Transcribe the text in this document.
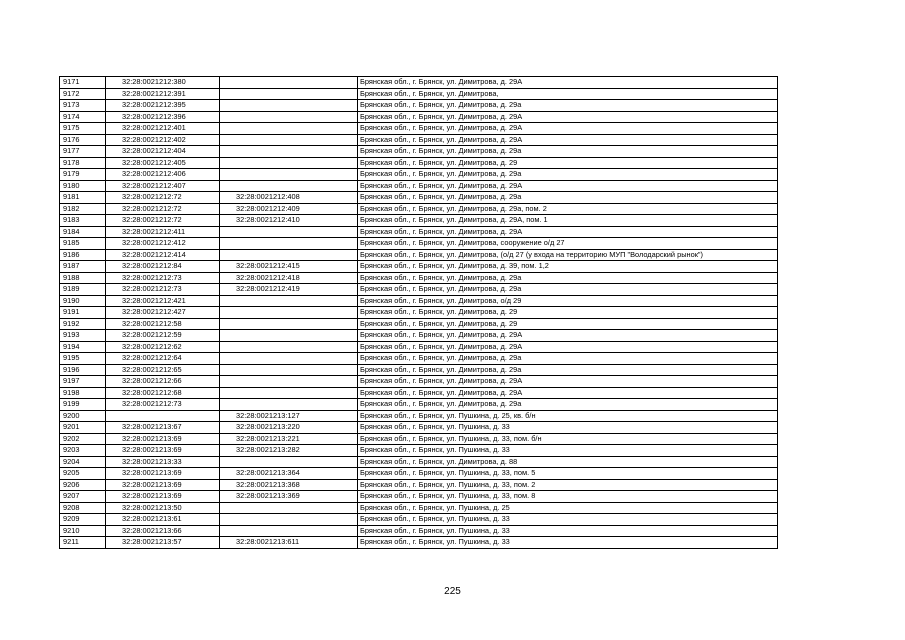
9171	32:28:0021212:380		Брянская обл., г. Брянск, ул. Димитрова, д. 29А
9172	32:28:0021212:391		Брянская обл., г. Брянск, ул. Димитрова,
9173	32:28:0021212:395		Брянская обл., г. Брянск, ул. Димитрова, д. 29а
9174	32:28:0021212:396		Брянская обл., г. Брянск, ул. Димитрова, д. 29А
9175	32:28:0021212:401		Брянская обл., г. Брянск, ул. Димитрова, д. 29А
9176	32:28:0021212:402		Брянская обл., г. Брянск, ул. Димитрова, д. 29А
9177	32:28:0021212:404		Брянская обл., г. Брянск, ул. Димитрова, д. 29а
9178	32:28:0021212:405		Брянская обл., г. Брянск, ул. Димитрова, д. 29
9179	32:28:0021212:406		Брянская обл., г. Брянск, ул. Димитрова, д. 29а
9180	32:28:0021212:407		Брянская обл., г. Брянск, ул. Димитрова, д. 29А
9181	32:28:0021212:72	32:28:0021212:408	Брянская обл., г. Брянск, ул. Димитрова, д. 29а
9182	32:28:0021212:72	32:28:0021212:409	Брянская обл., г. Брянск, ул. Димитрова, д. 29а, пом. 2
9183	32:28:0021212:72	32:28:0021212:410	Брянская обл., г. Брянск, ул. Димитрова, д. 29А, пом. 1
9184	32:28:0021212:411		Брянская обл., г. Брянск, ул. Димитрова, д. 29А
9185	32:28:0021212:412		Брянская обл., г. Брянск, ул. Димитрова, сооружение о/д 27
9186	32:28:0021212:414		Брянская обл., г. Брянск, ул. Димитрова, (о/д 27 (у входа на территорию МУП "Володарский рынок")
9187	32:28:0021212:84	32:28:0021212:415	Брянская обл., г. Брянск, ул. Димитрова, д. 39, пом. 1,2
9188	32:28:0021212:73	32:28:0021212:418	Брянская обл., г. Брянск, ул. Димитрова, д. 29а
9189	32:28:0021212:73	32:28:0021212:419	Брянская обл., г. Брянск, ул. Димитрова, д. 29а
9190	32:28:0021212:421		Брянская обл., г. Брянск, ул. Димитрова, о/д 29
9191	32:28:0021212:427		Брянская обл., г. Брянск, ул. Димитрова, д. 29
9192	32:28:0021212:58		Брянская обл., г. Брянск, ул. Димитрова, д. 29
9193	32:28:0021212:59		Брянская обл., г. Брянск, ул. Димитрова, д. 29А
9194	32:28:0021212:62		Брянская обл., г. Брянск, ул. Димитрова, д. 29А
9195	32:28:0021212:64		Брянская обл., г. Брянск, ул. Димитрова, д. 29а
9196	32:28:0021212:65		Брянская обл., г. Брянск, ул. Димитрова, д. 29а
9197	32:28:0021212:66		Брянская обл., г. Брянск, ул. Димитрова, д. 29А
9198	32:28:0021212:68		Брянская обл., г. Брянск, ул. Димитрова, д. 29А
9199	32:28:0021212:73		Брянская обл., г. Брянск, ул. Димитрова, д. 29а
9200		32:28:0021213:127	Брянская обл., г. Брянск, ул. Пушкина, д. 25, кв. б/н
9201	32:28:0021213:67	32:28:0021213:220	Брянская обл., г. Брянск, ул. Пушкина, д. 33
9202	32:28:0021213:69	32:28:0021213:221	Брянская обл., г. Брянск, ул. Пушкина, д. 33, пом. б/н
9203	32:28:0021213:69	32:28:0021213:282	Брянская обл., г. Брянск, ул. Пушкина, д. 33
9204	32:28:0021213:33		Брянская обл., г. Брянск, ул. Димитрова, д. 88
9205	32:28:0021213:69	32:28:0021213:364	Брянская обл., г. Брянск, ул. Пушкина, д. 33, пом. 5
9206	32:28:0021213:69	32:28:0021213:368	Брянская обл., г. Брянск, ул. Пушкина, д. 33, пом. 2
9207	32:28:0021213:69	32:28:0021213:369	Брянская обл., г. Брянск, ул. Пушкина, д. 33, пом. 8
9208	32:28:0021213:50		Брянская обл., г. Брянск, ул. Пушкина, д. 25
9209	32:28:0021213:61		Брянская обл., г. Брянск, ул. Пушкина, д. 33
9210	32:28:0021213:66		Брянская обл., г. Брянск, ул. Пушкина, д. 33
9211	32:28:0021213:57	32:28:0021213:611	Брянская обл., г. Брянск, ул. Пушкина, д. 33
225
